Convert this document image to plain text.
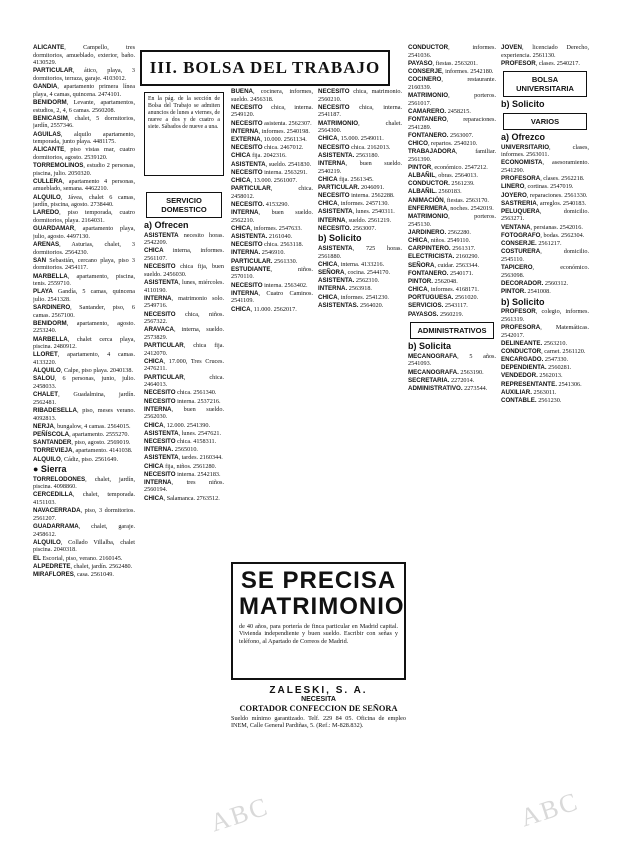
III. BOLSA DEL TRABAJO
En la pág. de la sección de Bolsa del Trabajo se admiten anuncios de lunes a viernes, de nueve a dos y de cuatro a siete. Sábados de nueve a una.

ALICANTE, Campello, tres dormitorios, amueblado, exterior, baño. 4130529.

PARTICULAR, ático, playa, 3 dormitorios, terraza, garaje. 4103012.

GANDIA, apartamento primera línea playa, 4 camas, quincena. 2474101.

BENIDORM, Levante, apartamentos, estudios, 2, 4, 6 camas. 2560208.

BENICASIM, chalet, 5 dormitorios, jardín, 2557346.

AGUILAS, alquilo apartamento, temporada, junto playa. 4481175.

ALICANTE, piso vistas mar, cuatro dormitorios, agosto. 2539120.

TORREMOLINOS, estudio 2 personas, piscina, julio. 2050320.

CULLERA, apartamento 4 personas, amueblado, semana. 4462210.

ALQUILO, Jávea, chalet 6 camas, jardín, piscina, agosto. 2738440.

LAREDO, piso temporada, cuatro dormitorios, playa. 2164031.

GUARDAMAR, apartamento playa, julio, agosto. 4497130.

ARENAS, Asturias, chalet, 3 dormitorios. 2564230.

SAN Sebastián, cercano playa, piso 3 dormitorios. 2454117.

MARBELLA, apartamento, piscina, tenis. 2559710.

PLAYA Gandía, 5 camas, quincena julio. 2541328.

SARDINERO, Santander, piso, 6 camas. 2567100.

BENIDORM, apartamento, agosto. 2253240.

MARBELLA, chalet cerca playa, piscina. 2480912.

LLORET, apartamento, 4 camas. 4133220.

ALQUILO, Calpe, piso playa. 2040138.

SALOU, 6 personas, junio, julio. 2458033.

CHALET, Guadalmina, jardín. 2562481.

RIBADESELLA, piso, meses verano. 4092813.

NERJA, bungalow, 4 camas. 2564015.

PEÑÍSCOLA, apartamento. 2555270.

SANTANDER, piso, agosto. 2569019.

TORREVIEJA, apartamento. 4141038.

ALQUILO, Cádiz, piso. 2561649.

● Sierra

TORRELODONES, chalet, jardín, piscina. 4098860.

CERCEDILLA, chalet, temporada. 4151103.

NAVACERRADA, piso, 3 dormitorios. 2561207.

GUADARRAMA, chalet, garaje. 2458612.

ALQUILO, Collado Villalba, chalet piscina. 2040318.

EL Escorial, piso, verano. 2160145.

ALPEDRETE, chalet, jardín. 2562480.

MIRAFLORES, casa. 2561049.

SERVICIO DOMESTICO
a) Ofrecen

ASISTENTA necesito horas. 2542209.

CHICA interna, informes. 2561107.

NECESITO chica fija, buen sueldo. 2456030.

ASISTENTA, lunes, miércoles. 4110190.

INTERNA, matrimonio solo. 2549716.

NECESITO chica, niños. 2567322.

ARAVACA, interna, sueldo. 2573829.

PARTICULAR, chica fija. 2412070.

CHICA, 17.000, Tres Cruces. 2476211.

PARTICULAR, chica. 2464013.

NECESITO chica. 2561340.

NECESITO interna. 2537216.

INTERNA, buen sueldo. 2562030.

CHICA, 12.000. 2541390.

ASISTENTA, lunes. 2547621.

NECESITO chica. 4158311.

INTERNA. 2565010.

ASISTENTA, tardes. 2160344.

CHICA fija, niños. 2561280.

NECESITO interna. 2542183.

INTERNA, tres niños. 2560194.

CHICA, Salamanca. 2763512.

BUENA, cocinera, informes, sueldo. 2456318.

NECESITO chica, interna. 2549120.

NECESITO asistenta. 2562307.

INTERNA, informes. 2540198.

EXTERNA, 10.000. 2561134.

NECESITO chica. 2467012.

CHICA fija. 2042316.

ASISTENTA, sueldo. 2541830.

NECESITO interna. 2563291.

CHICA, 13.000. 2561007.

PARTICULAR, chica. 2458012.

NECESITO. 4153290.

INTERNA, buen sueldo. 2562210.

CHICA, informes. 2547633.

ASISTENTA. 2161040.

NECESITO chica. 2563118.

INTERNA. 2546910.

PARTICULAR. 2561330.

ESTUDIANTE, niños. 2570110.

NECESITO interna. 2563402.

INTERNA, Cuatro Caminos. 2541109.

CHICA, 11.000. 2562017.

NECESITO chica, matrimonio. 2560210.

NECESITO chica, interna. 2541187.

MATRIMONIO, chalet. 2564300.

CHICA, 15.000. 2549011.

NECESITO chica. 2162013.

ASISTENTA. 2563180.

INTERNA, buen sueldo. 2540219.

CHICA fija. 2561345.

PARTICULAR. 2046091.

NECESITO interna. 2562288.

CHICA, informes. 2457130.

ASISTENTA, lunes. 2540311.

INTERNA, sueldo. 2561219.

NECESITO. 2563007.

b) Solicito

ASISTENTA, 725 horas. 2561880.

CHICA, interna. 4133216.

SEÑORA, cocina. 2544170.

ASISTENTA. 2562310.

INTERNA. 2563918.

CHICA, informes. 2541230.

ASISTENTAS. 2564020.

SE PRECISA MATRIMONIO
de 40 años, para portería de finca particular en Madrid capital. Vivienda independiente y buen sueldo. Escribir con señas y teléfono, al Apartado de Correos de Madrid.
ZALESKI, S. A.
NECESITA
CORTADOR CONFECCION DE SEÑORA
Sueldo mínimo garantizado. Telf. 229 84 05. Oficina de empleo INEM, Calle General Pardiñas, 5. (Ref.: M-828.832).

CONDUCTOR, informes. 2541036.

PAYASO, fiestas. 2563201.

CONSERJE, informes. 2542180.

COCINERO, restaurante. 2160339.

MATRIMONIO, porteros. 2561017.

CAMARERO. 2458215.

FONTANERO, reparaciones. 2541289.

FONTANERO. 2563007.

CHICO, repartos. 2540210.

TRABAJADORA, familiar. 2561390.

PINTOR, económico. 2547212.

ALBAÑIL, obras. 2564013.

CONDUCTOR. 2561239.

ALBAÑIL. 2560183.

ANIMACIÓN, fiestas. 2563170.

ENFERMERA, noches. 2542019.

MATRIMONIO, porteros. 2545130.

JARDINERO. 2562280.

CHICA, niños. 2549110.

CARPINTERO. 2561317.

ELECTRICISTA. 2160290.

SEÑORA, cuidar. 2563344.

FONTANERO. 2540171.

PINTOR. 2562048.

CHICA, informes. 4168171.

PORTUGUESA. 2561020.

SERVICIOS. 2543117.

PAYASOS. 2560219.

ADMINISTRATIVOS
b) Solicita

MECANOGRAFA, 5 años. 2541093.

MECANOGRAFA. 2563190.

SECRETARIA. 2272014.

ADMINISTRATIVO. 2273544.

JOVEN, licenciado Derecho, experiencia. 2561130.

PROFESOR, clases. 2540217.

BOLSA UNIVERSITARIA
b) Solicito
VARIOS
a) Ofrezco

UNIVERSITARIO, clases, informes. 2563011.

ECONOMISTA, asesoramiento. 2541290.

PROFESORA, clases. 2562218.

LINERO, cortinas. 2547019.

JOYERO, reparaciones. 2561330.

SASTRERIA, arreglos. 2540183.

PELUQUERA, domicilio. 2563271.

VENTANA, persianas. 2542016.

FOTOGRAFO, bodas. 2562304.

CONSERJE. 2561217.

COSTURERA, domicilio. 2545110.

TAPICERO, económico. 2563098.

DECORADOR. 2560312.

PINTOR. 2541008.

b) Solicito

PROFESOR, colegio, informes. 2561319.

PROFESORA, Matemáticas. 2542017.

DELINEANTE. 2563210.

CONDUCTOR, carnet. 2561120.

ENCARGADO. 2547330.

DEPENDIENTA. 2560281.

VENDEDOR. 2562013.

REPRESENTANTE. 2541306.

AUXILIAR. 2563011.

CONTABLE. 2561230.

ABC	ABC
